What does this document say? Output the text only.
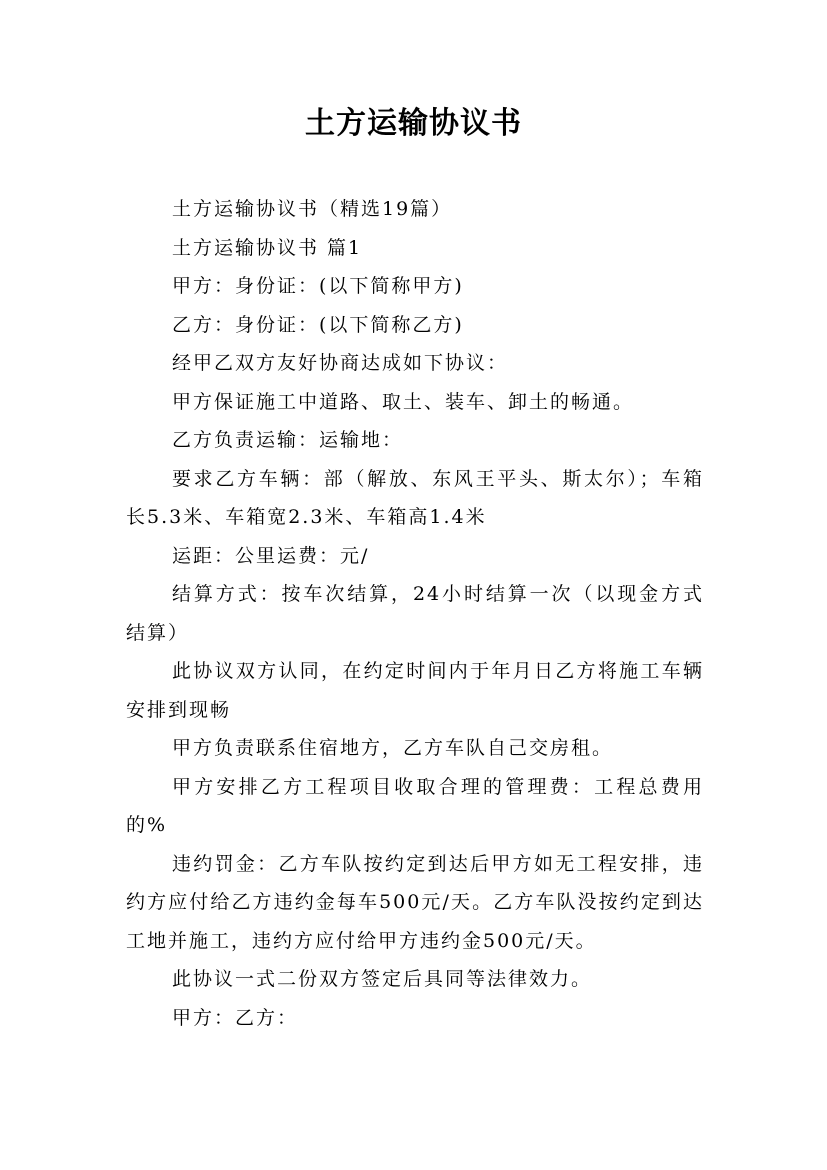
土方运输协议书

土方运输协议书（精选19篇）

土方运输协议书 篇1

甲方：身份证：(以下简称甲方)

乙方：身份证：(以下简称乙方)

经甲乙双方友好协商达成如下协议：

甲方保证施工中道路、取土、装车、卸土的畅通。

乙方负责运输：运输地：

要求乙方车辆：部（解放、东风王平头、斯太尔）；车箱长5.3米、车箱宽2.3米、车箱高1.4米

运距：公里运费：元/

结算方式：按车次结算，24小时结算一次（以现金方式结算）

此协议双方认同，在约定时间内于年月日乙方将施工车辆安排到现畅

甲方负责联系住宿地方，乙方车队自己交房租。

甲方安排乙方工程项目收取合理的管理费：工程总费用的%

违约罚金：乙方车队按约定到达后甲方如无工程安排，违约方应付给乙方违约金每车500元/天。乙方车队没按约定到达工地并施工，违约方应付给甲方违约金500元/天。

此协议一式二份双方签定后具同等法律效力。

甲方：乙方：
